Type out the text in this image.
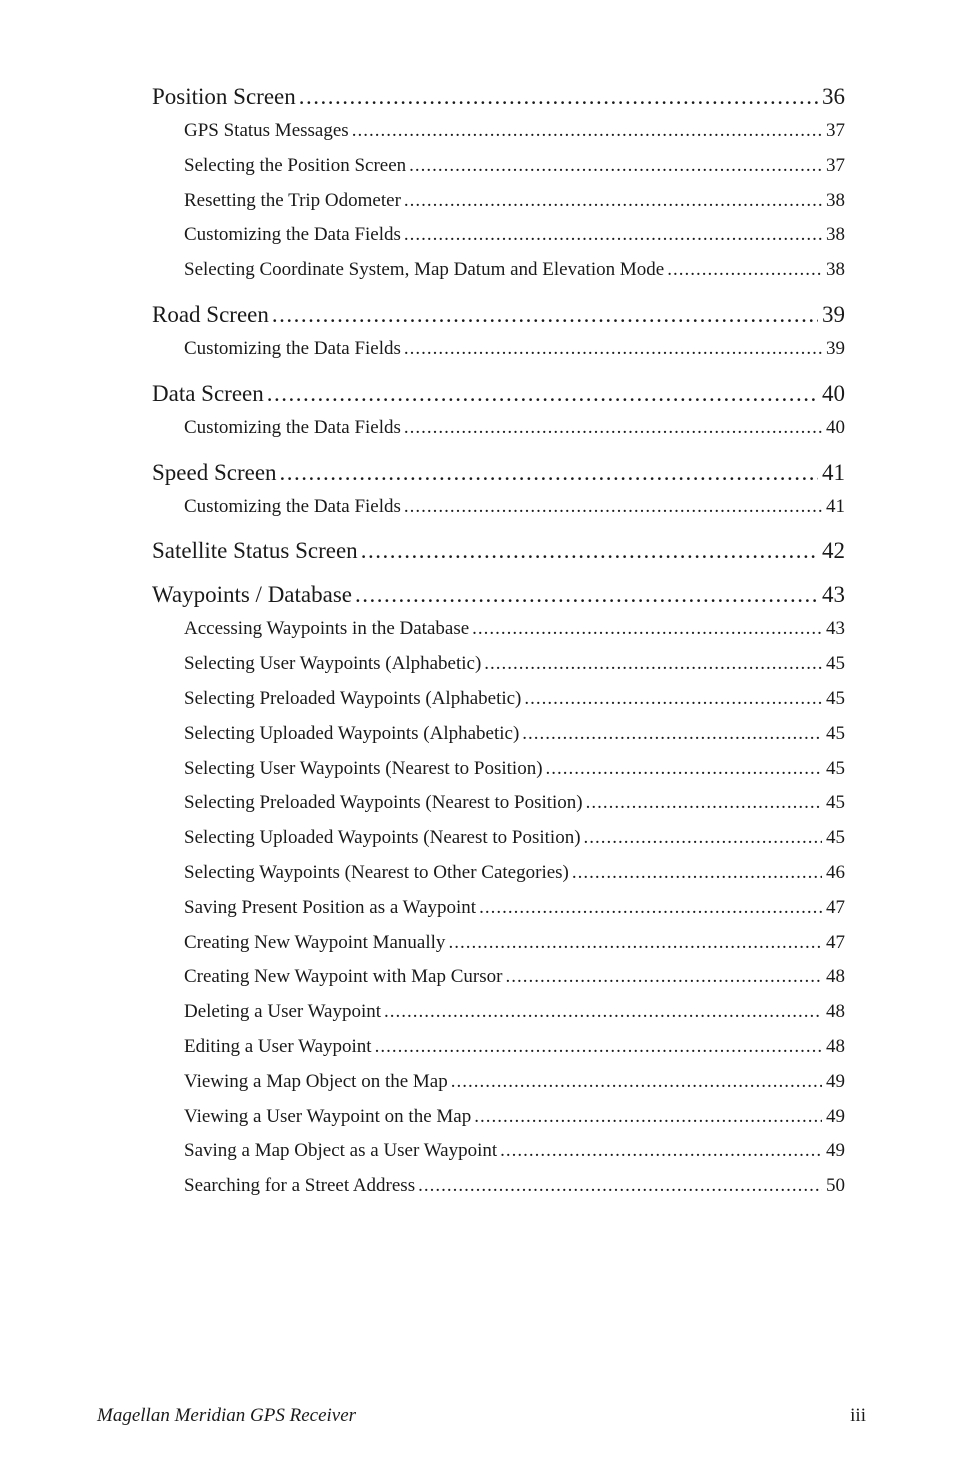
Position Screen .....	36
GPS Status Messages .....	37
Selecting the Position Screen .....	37
Resetting the Trip Odometer .....	38
Customizing the Data Fields .....	38
Selecting Coordinate System, Map Datum and Elevation Mode .....	38
Road Screen .....	39
Customizing the Data Fields .....	39
Data Screen .....	40
Customizing the Data Fields .....	40
Speed Screen .....	41
Customizing the Data Fields .....	41
Satellite Status Screen .....	42
Waypoints / Database .....	43
Accessing Waypoints in the Database .....	43
Selecting User Waypoints (Alphabetic) .....	45
Selecting Preloaded Waypoints (Alphabetic) .....	45
Selecting Uploaded Waypoints (Alphabetic) .....	45
Selecting User Waypoints (Nearest to Position) .....	45
Selecting Preloaded Waypoints (Nearest to Position) .....	45
Selecting Uploaded Waypoints (Nearest to Position) .....	45
Selecting Waypoints (Nearest to Other Categories) .....	46
Saving Present Position as a Waypoint .....	47
Creating New Waypoint Manually .....	47
Creating New Waypoint with Map Cursor .....	48
Deleting a User Waypoint .....	48
Editing a User Waypoint .....	48
Viewing a Map Object on the Map .....	49
Viewing a User Waypoint on the Map .....	49
Saving a Map Object as a User Waypoint .....	49
Searching for a Street Address .....	50
Magellan Meridian GPS Receiver	iii
